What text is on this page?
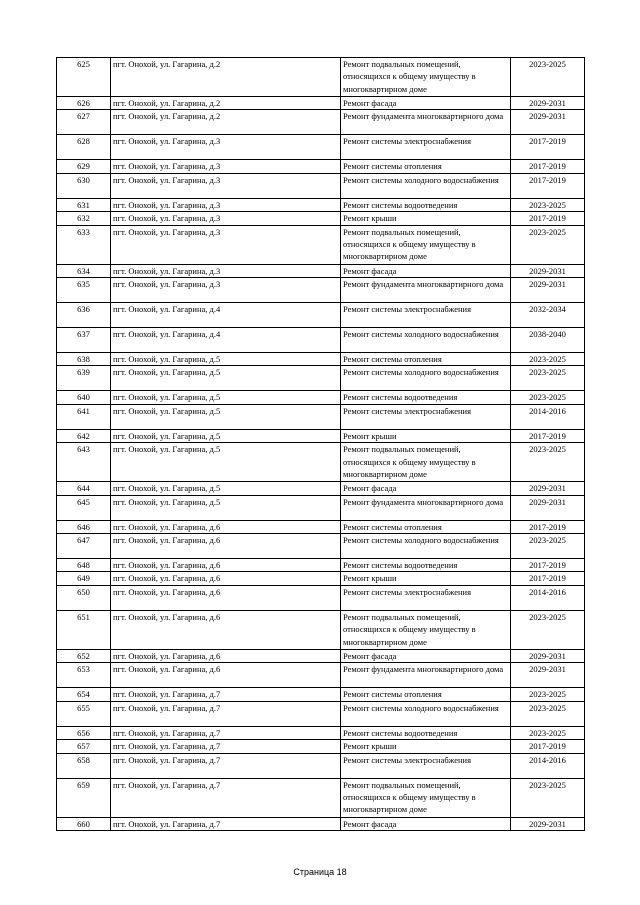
625	пгт. Онохой, ул. Гагарина, д.2	Ремонт подвальных помещений, относящихся к общему имуществу в многоквартирном доме	2023-2025
626	пгт. Онохой, ул. Гагарина, д.2	Ремонт фасада	2029-2031
627	пгт. Онохой, ул. Гагарина, д.2	Ремонт фундамента многоквартирного дома	2029-2031
628	пгт. Онохой, ул. Гагарина, д.3	Ремонт системы электроснабжения	2017-2019
629	пгт. Онохой, ул. Гагарина, д.3	Ремонт системы отопления	2017-2019
630	пгт. Онохой, ул. Гагарина, д.3	Ремонт системы холодного водоснабжения	2017-2019
631	пгт. Онохой, ул. Гагарина, д.3	Ремонт системы водоотведения	2023-2025
632	пгт. Онохой, ул. Гагарина, д.3	Ремонт крыши	2017-2019
633	пгт. Онохой, ул. Гагарина, д.3	Ремонт подвальных помещений, относящихся к общему имуществу в многоквартирном доме	2023-2025
634	пгт. Онохой, ул. Гагарина, д.3	Ремонт фасада	2029-2031
635	пгт. Онохой, ул. Гагарина, д.3	Ремонт фундамента многоквартирного дома	2029-2031
636	пгт. Онохой, ул. Гагарина, д.4	Ремонт системы электроснабжения	2032-2034
637	пгт. Онохой, ул. Гагарина, д.4	Ремонт системы холодного водоснабжения	2038-2040
638	пгт. Онохой, ул. Гагарина, д.5	Ремонт системы отопления	2023-2025
639	пгт. Онохой, ул. Гагарина, д.5	Ремонт системы холодного водоснабжения	2023-2025
640	пгт. Онохой, ул. Гагарина, д.5	Ремонт системы водоотведения	2023-2025
641	пгт. Онохой, ул. Гагарина, д.5	Ремонт системы электроснабжения	2014-2016
642	пгт. Онохой, ул. Гагарина, д.5	Ремонт крыши	2017-2019
643	пгт. Онохой, ул. Гагарина, д.5	Ремонт подвальных помещений, относящихся к общему имуществу в многоквартирном доме	2023-2025
644	пгт. Онохой, ул. Гагарина, д.5	Ремонт фасада	2029-2031
645	пгт. Онохой, ул. Гагарина, д.5	Ремонт фундамента многоквартирного дома	2029-2031
646	пгт. Онохой, ул. Гагарина, д.6	Ремонт системы отопления	2017-2019
647	пгт. Онохой, ул. Гагарина, д.6	Ремонт системы холодного водоснабжения	2023-2025
648	пгт. Онохой, ул. Гагарина, д.6	Ремонт системы водоотведения	2017-2019
649	пгт. Онохой, ул. Гагарина, д.6	Ремонт крыши	2017-2019
650	пгт. Онохой, ул. Гагарина, д.6	Ремонт системы электроснабжения	2014-2016
651	пгт. Онохой, ул. Гагарина, д.6	Ремонт подвальных помещений, относящихся к общему имуществу в многоквартирном доме	2023-2025
652	пгт. Онохой, ул. Гагарина, д.6	Ремонт фасада	2029-2031
653	пгт. Онохой, ул. Гагарина, д.6	Ремонт фундамента многоквартирного дома	2029-2031
654	пгт. Онохой, ул. Гагарина, д.7	Ремонт системы отопления	2023-2025
655	пгт. Онохой, ул. Гагарина, д.7	Ремонт системы холодного водоснабжения	2023-2025
656	пгт. Онохой, ул. Гагарина, д.7	Ремонт системы водоотведения	2023-2025
657	пгт. Онохой, ул. Гагарина, д.7	Ремонт крыши	2017-2019
658	пгт. Онохой, ул. Гагарина, д.7	Ремонт системы электроснабжения	2014-2016
659	пгт. Онохой, ул. Гагарина, д.7	Ремонт подвальных помещений, относящихся к общему имуществу в многоквартирном доме	2023-2025
660	пгт. Онохой, ул. Гагарина, д.7	Ремонт фасада	2029-2031
Страница 18
